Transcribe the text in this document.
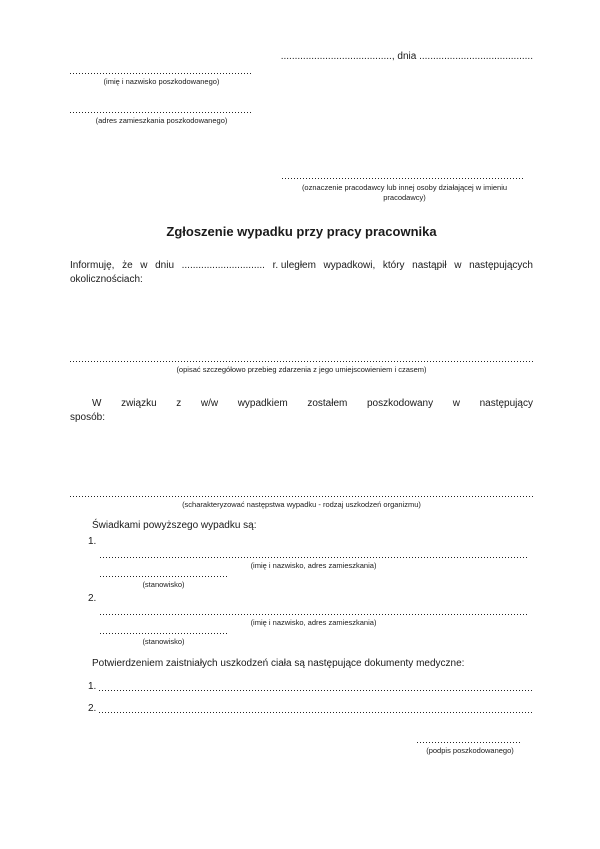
........................................, dnia .........................................
(imię i nazwisko poszkodowanego)
(adres zamieszkania poszkodowanego)
(oznaczenie pracodawcy lub innej osoby działającej w imieniu pracodawcy)
Zgłoszenie wypadku przy pracy pracownika
Informuję, że w dniu .............................. r. uległem wypadkowi, który nastąpił w następujących
okolicznościach:
(opisać szczegółowo przebieg zdarzenia z jego umiejscowieniem i czasem)
W związku z w/w wypadkiem zostałem poszkodowany w następujący
sposób:
(scharakteryzować następstwa wypadku - rodzaj uszkodzeń organizmu)
Świadkami powyższego wypadku są:
1.
(imię i nazwisko, adres zamieszkania)
(stanowisko)
2.
(imię i nazwisko, adres zamieszkania)
(stanowisko)
Potwierdzeniem zaistniałych uszkodzeń ciała są następujące dokumenty medyczne:
1.
2.
(podpis poszkodowanego)
